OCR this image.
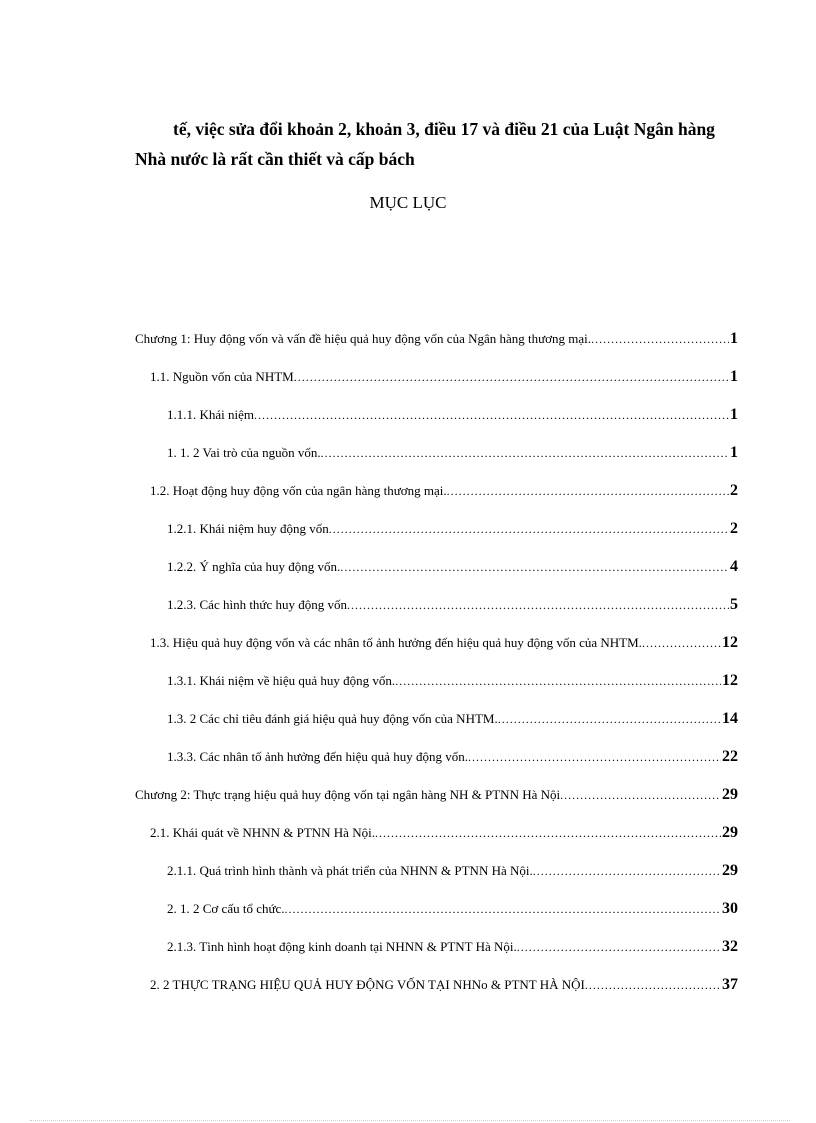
tế, việc sửa đổi khoản 2, khoản 3, điều 17 và điều 21 của Luật Ngân hàng
Nhà nước là rất cần thiết và cấp bách
MỤC LỤC
Chương 1: Huy động vốn và vấn đề hiệu quả huy động vốn của Ngân hàng thương mại. .....	1
1.1. Nguồn vốn của NHTM .....	1
1.1.1. Khái niệm .....	1
1. 1. 2 Vai trò của nguồn vốn. .....	1
1.2. Hoạt động huy động vốn của ngân hàng thương mại. .....	2
1.2.1. Khái niệm huy động vốn .....	2
1.2.2. Ý nghĩa của huy động vốn. .....	4
1.2.3. Các hình thức huy động vốn .....	5
1.3. Hiệu quả huy động vốn và các nhân tố ảnh hưởng đến hiệu quả huy động vốn của NHTM. .....	12
1.3.1. Khái niệm về hiệu quả huy động vốn. .....	12
1.3. 2 Các chỉ tiêu đánh giá hiệu quả huy động vốn của NHTM. .....	14
1.3.3. Các nhân tố ảnh hưởng đến hiệu quả huy động vốn. .....	22
Chương 2: Thực trạng hiệu quả huy động vốn tại ngân hàng NH & PTNN Hà Nội .....	29
2.1. Khái quát về NHNN & PTNN Hà Nội. .....	29
2.1.1. Quá trình hình thành và phát triển của NHNN & PTNN Hà Nội. .....	29
2. 1. 2 Cơ cấu tổ chức. .....	30
2.1.3. Tình hình hoạt động kinh doanh tại NHNN & PTNT Hà Nội. .....	32
2. 2 THỰC TRẠNG HIỆU QUẢ HUY ĐỘNG VỐN TẠI NHNo & PTNT HÀ NỘI .....	37
